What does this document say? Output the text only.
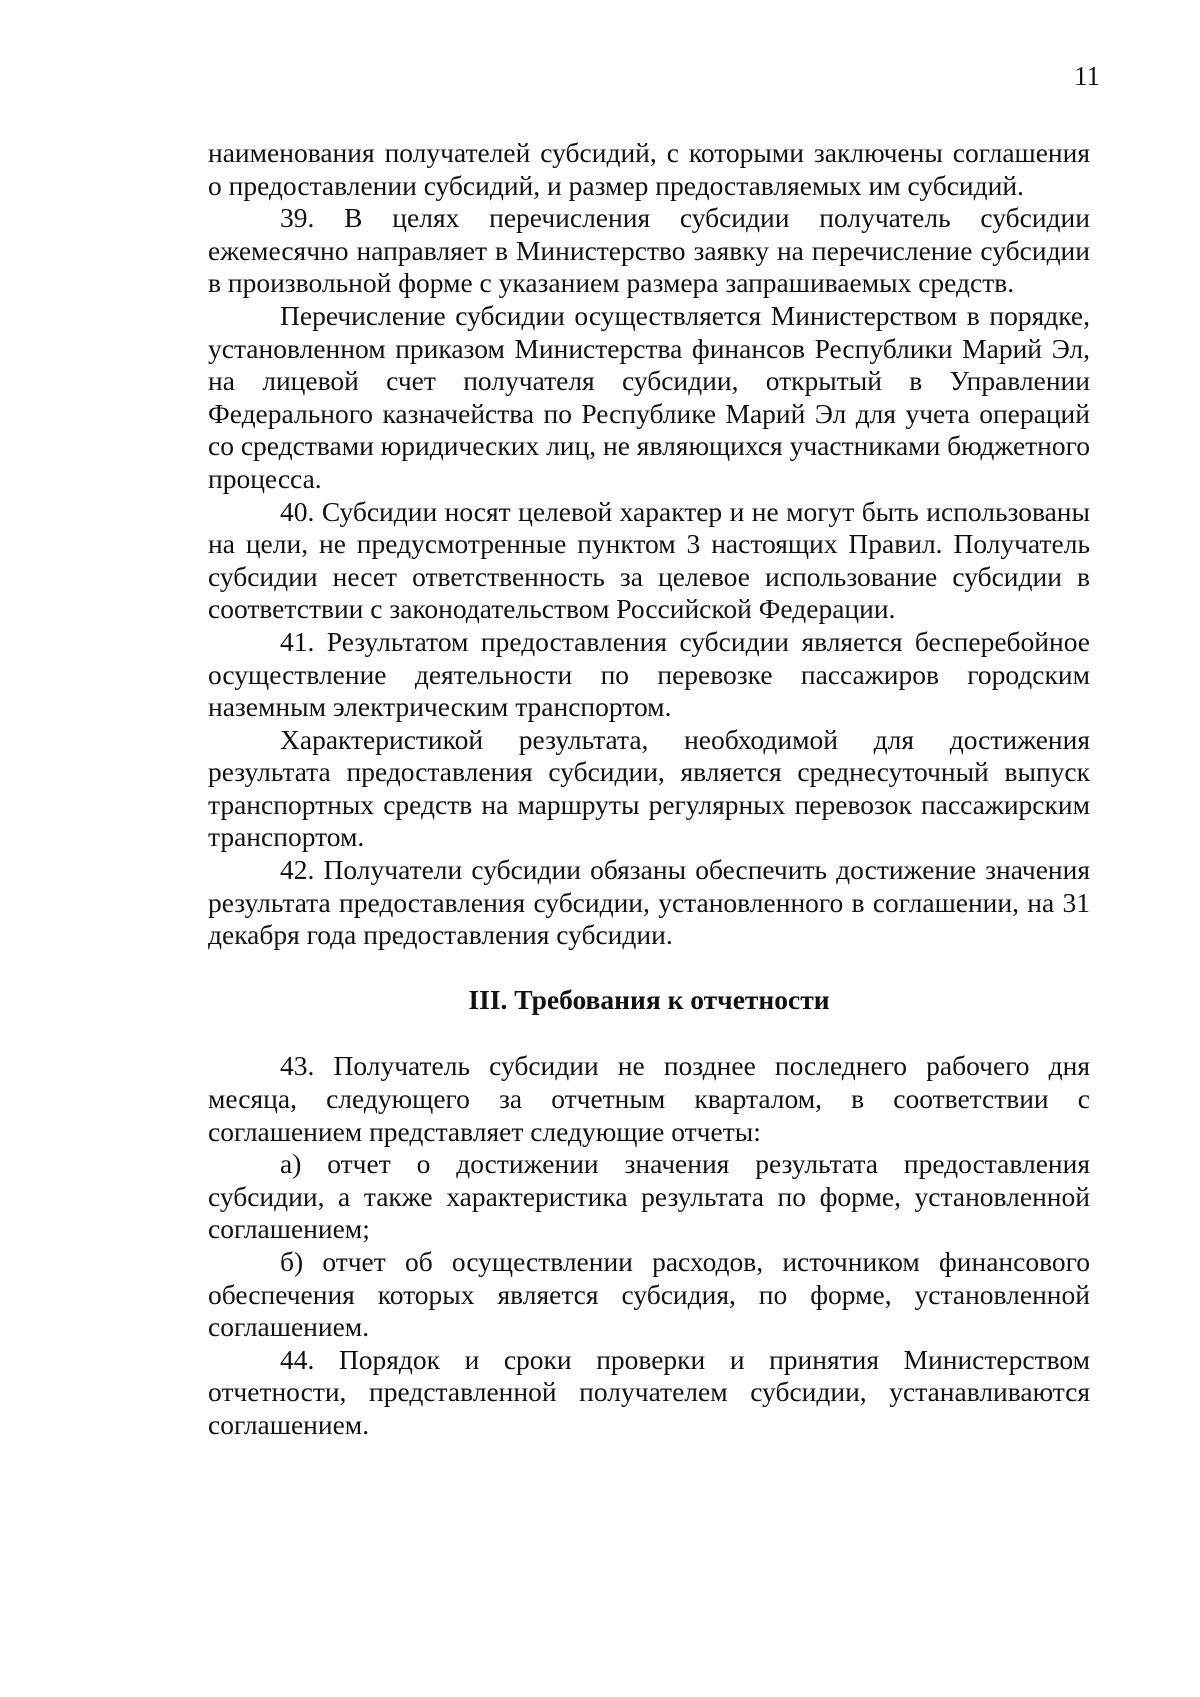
11

наименования получателей субсидий, с которыми заключены соглашения о предоставлении субсидий, и размер предоставляемых им субсидий.

39. В целях перечисления субсидии получатель субсидии ежемесячно направляет в Министерство заявку на перечисление субсидии в произвольной форме с указанием размера запрашиваемых средств.

Перечисление субсидии осуществляется Министерством в порядке, установленном приказом Министерства финансов Республики Марий Эл, на лицевой счет получателя субсидии, открытый в Управлении Федерального казначейства по Республике Марий Эл для учета операций со средствами юридических лиц, не являющихся участниками бюджетного процесса.

40. Субсидии носят целевой характер и не могут быть использованы на цели, не предусмотренные пунктом 3 настоящих Правил. Получатель субсидии несет ответственность за целевое использование субсидии в соответствии с законодательством Российской Федерации.

41. Результатом предоставления субсидии является бесперебойное осуществление деятельности по перевозке пассажиров городским наземным электрическим транспортом.

Характеристикой результата, необходимой для достижения результата предоставления субсидии, является среднесуточный выпуск транспортных средств на маршруты регулярных перевозок пассажирским транспортом.

42. Получатели субсидии обязаны обеспечить достижение значения результата предоставления субсидии, установленного в соглашении, на 31 декабря года предоставления субсидии.

III. Требования к отчетности

43. Получатель субсидии не позднее последнего рабочего дня месяца, следующего за отчетным кварталом, в соответствии с соглашением представляет следующие отчеты:

а) отчет о достижении значения результата предоставления субсидии, а также характеристика результата по форме, установленной соглашением;

б) отчет об осуществлении расходов, источником финансового обеспечения которых является субсидия, по форме, установленной соглашением.

44. Порядок и сроки проверки и принятия Министерством отчетности, представленной получателем субсидии, устанавливаются соглашением.
